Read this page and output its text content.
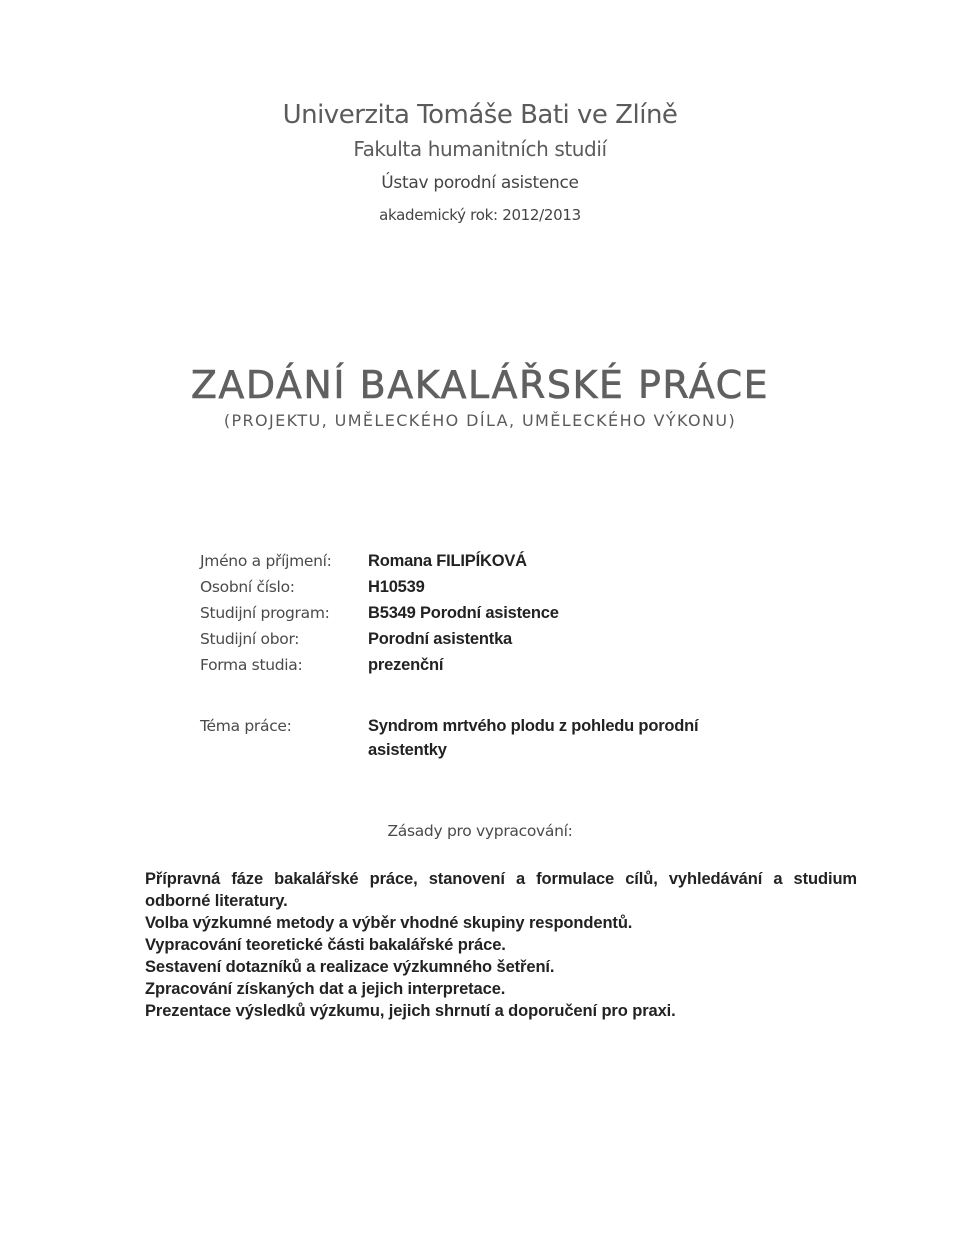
Univerzita Tomáše Bati ve Zlíně
Fakulta humanitních studií
Ústav porodní asistence
akademický rok: 2012/2013
ZADÁNÍ BAKALÁŘSKÉ PRÁCE
(PROJEKTU, UMĚLECKÉHO DÍLA, UMĚLECKÉHO VÝKONU)
Jméno a příjmení:	Romana FILIPÍKOVÁ
Osobní číslo:	H10539
Studijní program:	B5349 Porodní asistence
Studijní obor:	Porodní asistentka
Forma studia:	prezenční
Téma práce:	Syndrom mrtvého plodu z pohledu porodní asistentky
Zásady pro vypracování:

Přípravná fáze bakalářské práce, stanovení a formulace cílů, vyhledávání a studium odborné literatury.

Volba výzkumné metody a výběr vhodné skupiny respondentů.

Vypracování teoretické části bakalářské práce.

Sestavení dotazníků a realizace výzkumného šetření.

Zpracování získaných dat a jejich interpretace.

Prezentace výsledků výzkumu, jejich shrnutí a doporučení pro praxi.
